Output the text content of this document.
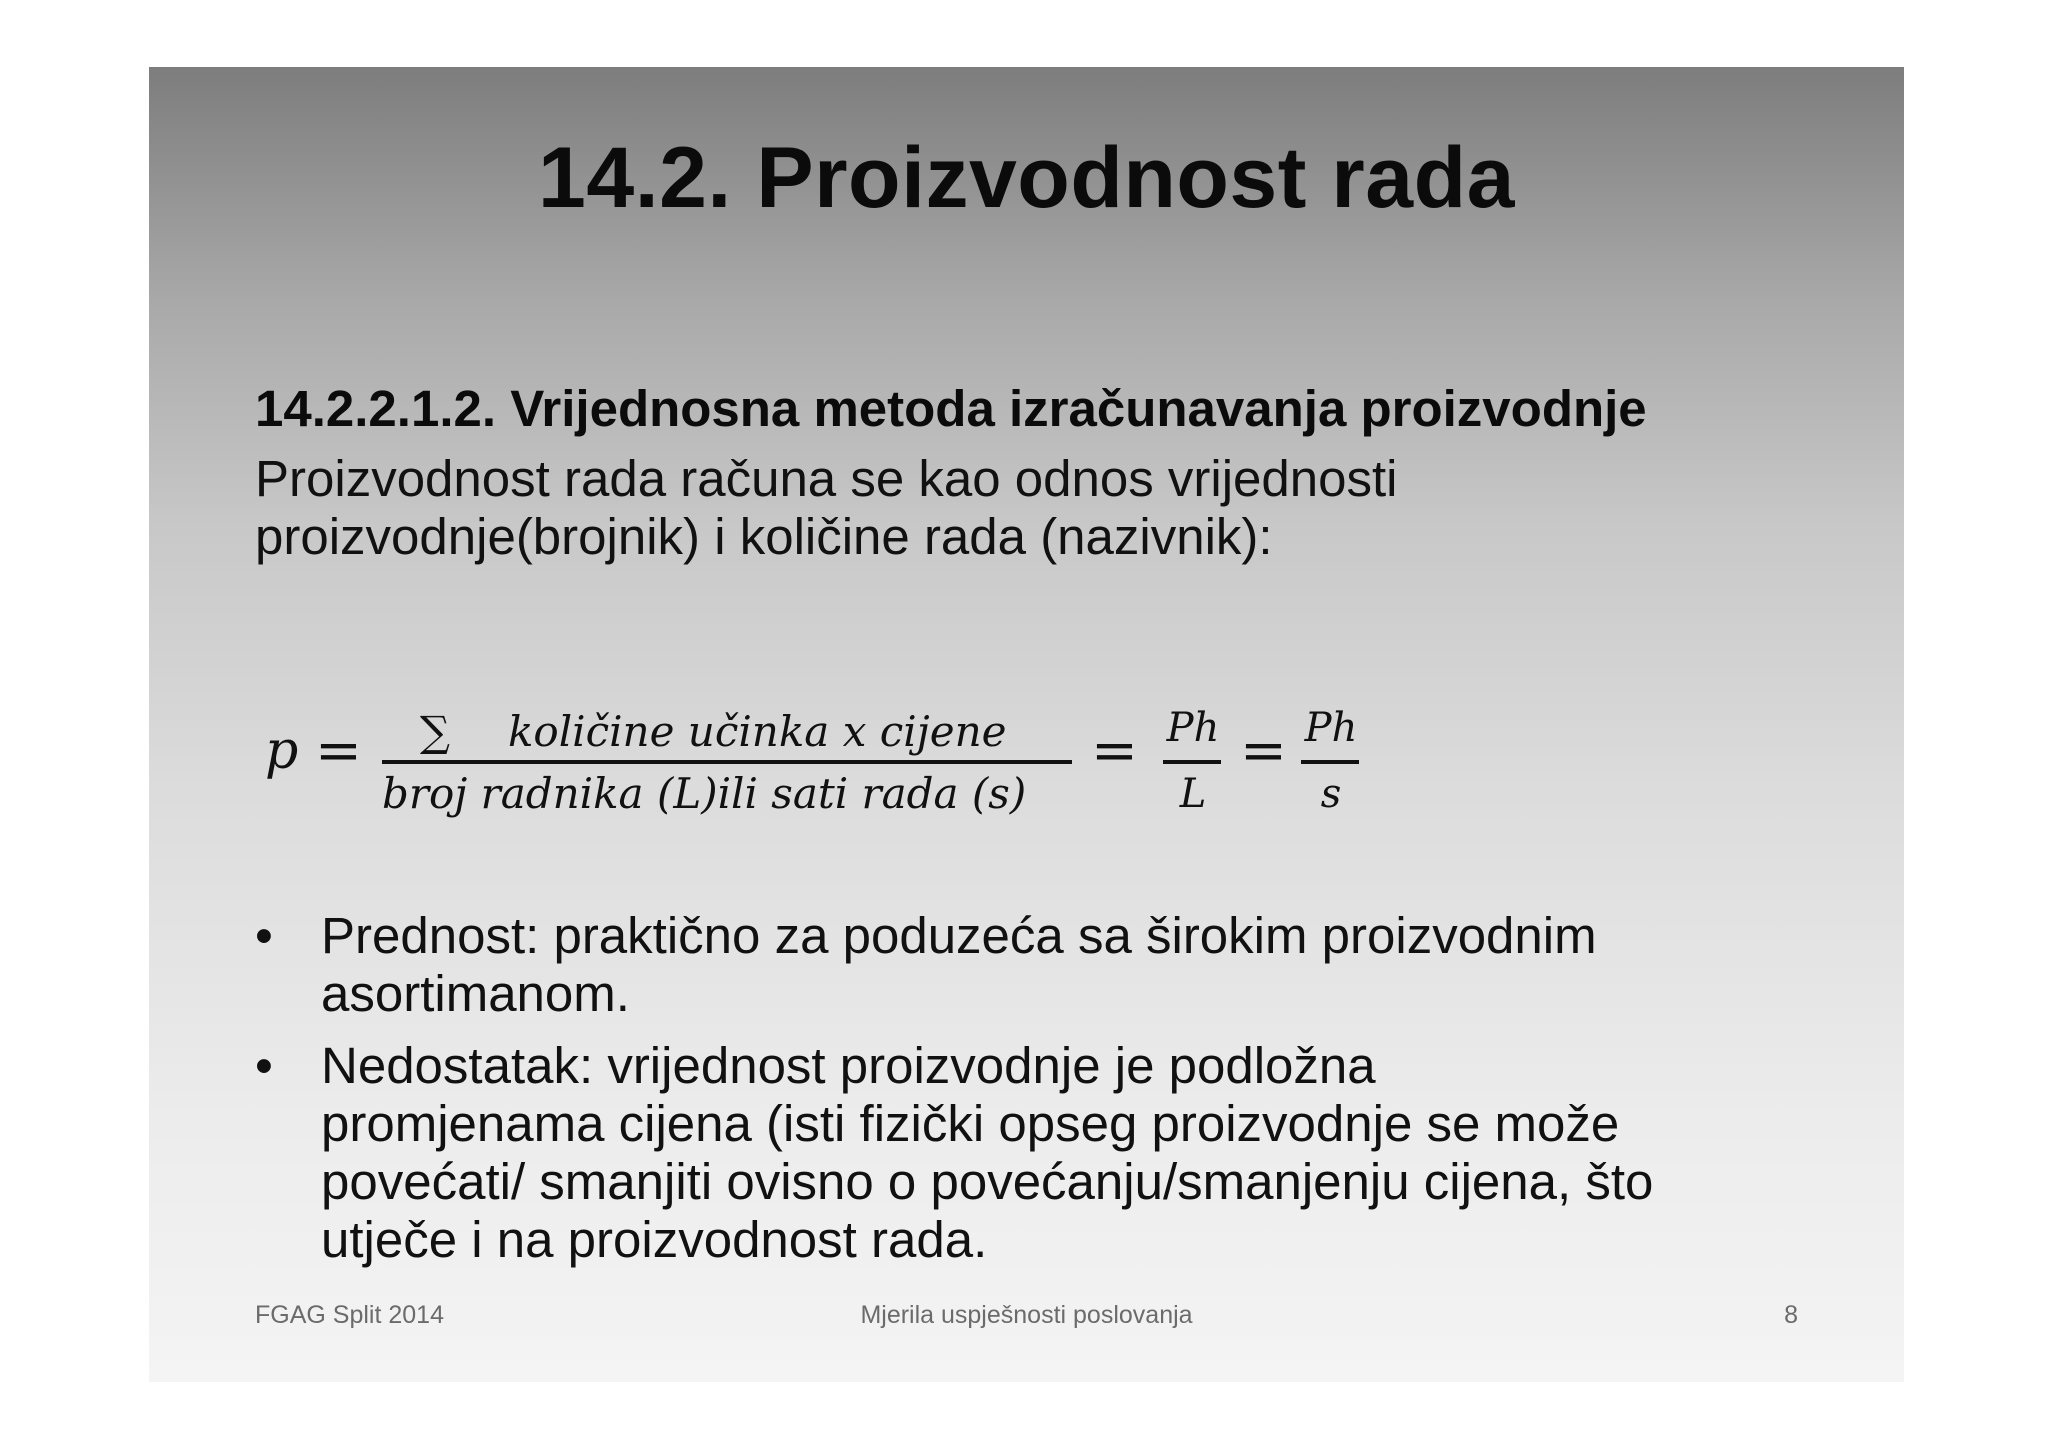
14.2. Proizvodnost rada
14.2.2.1.2. Vrijednosna metoda izračunavanja proizvodnje
Proizvodnost rada računa se kao odnos vrijednosti
proizvodnje(brojnik) i količine rada (nazivnik):
p =	∑ količine učinka x cijene
broj radnika (L)ili sati rada (s)
= Ph
L
= Ph
s
• Prednost: praktično za poduzeća sa širokim proizvodnim
asortimanom.
• Nedostatak: vrijednost proizvodnje je podložna
promjenama cijena (isti fizički opseg proizvodnje se može
povećati/ smanjiti ovisno o povećanju/smanjenju cijena, što
utječe i na proizvodnost rada.
FGAG Split 2014	Mjerila uspješnosti poslovanja	8
